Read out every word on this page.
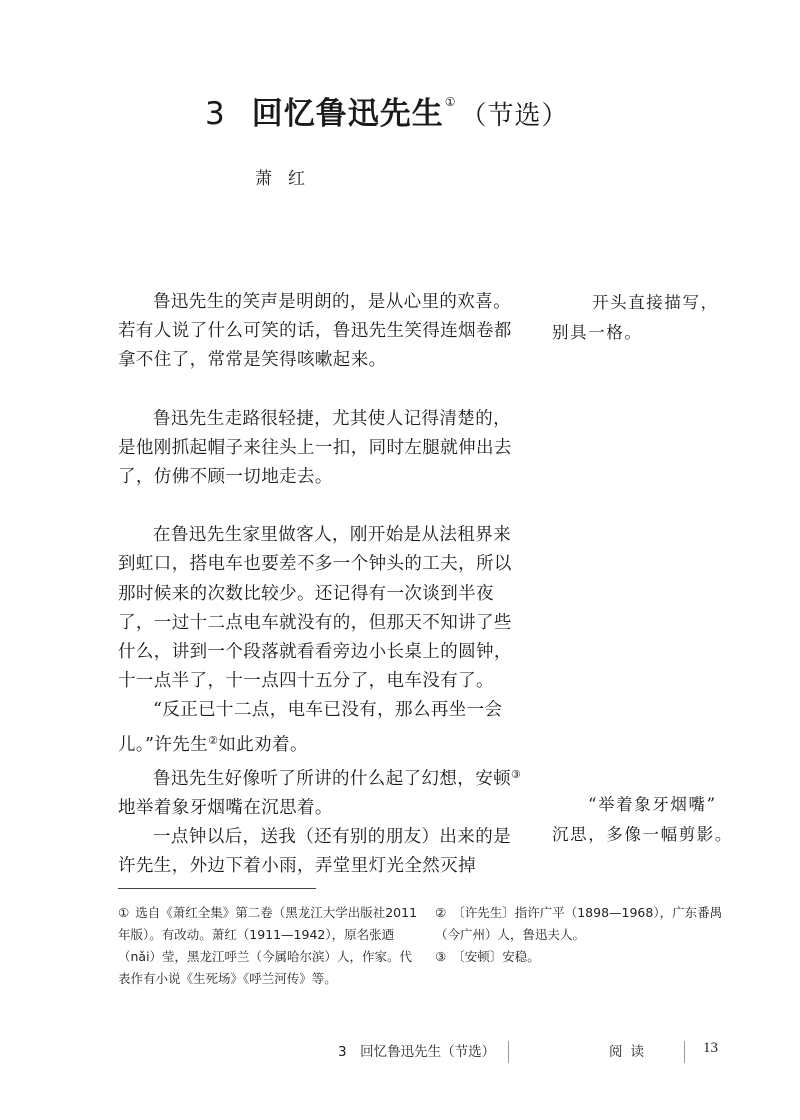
3 回忆鲁迅先生① （节选）
萧红

鲁迅先生的笑声是明朗的，是从心里的欢喜。若有人说了什么可笑的话，鲁迅先生笑得连烟卷都拿不住了，常常是笑得咳嗽起来。

鲁迅先生走路很轻捷，尤其使人记得清楚的，是他刚抓起帽子来往头上一扣，同时左腿就伸出去了，仿佛不顾一切地走去。

在鲁迅先生家里做客人，刚开始是从法租界来到虹口，搭电车也要差不多一个钟头的工夫，所以那时候来的次数比较少。还记得有一次谈到半夜了，一过十二点电车就没有的，但那天不知讲了些什么，讲到一个段落就看看旁边小长桌上的圆钟，十一点半了，十一点四十五分了，电车没有了。

“反正已十二点，电车已没有，那么再坐一会儿。”许先生②如此劝着。

鲁迅先生好像听了所讲的什么起了幻想，安顿③地举着象牙烟嘴在沉思着。

一点钟以后，送我（还有别的朋友）出来的是许先生，外边下着小雨，弄堂里灯光全然灭掉

开头直接描写，
别具一格。
“举着象牙烟嘴”
沉思，多像一幅剪影。
① 选自《萧红全集》第二卷（黑龙江大学出版社2011年版）。有改动。萧红（1911—1942），原名张迺（nǎi）莹，黑龙江呼兰（今属哈尔滨）人，作家。代表作有小说《生死场》《呼兰河传》等。
② 〔许先生〕指许广平（1898—1968），广东番禺（今广州）人，鲁迅夫人。
③ 〔安顿〕安稳。
3　回忆鲁迅先生（节选）	阅读	13
